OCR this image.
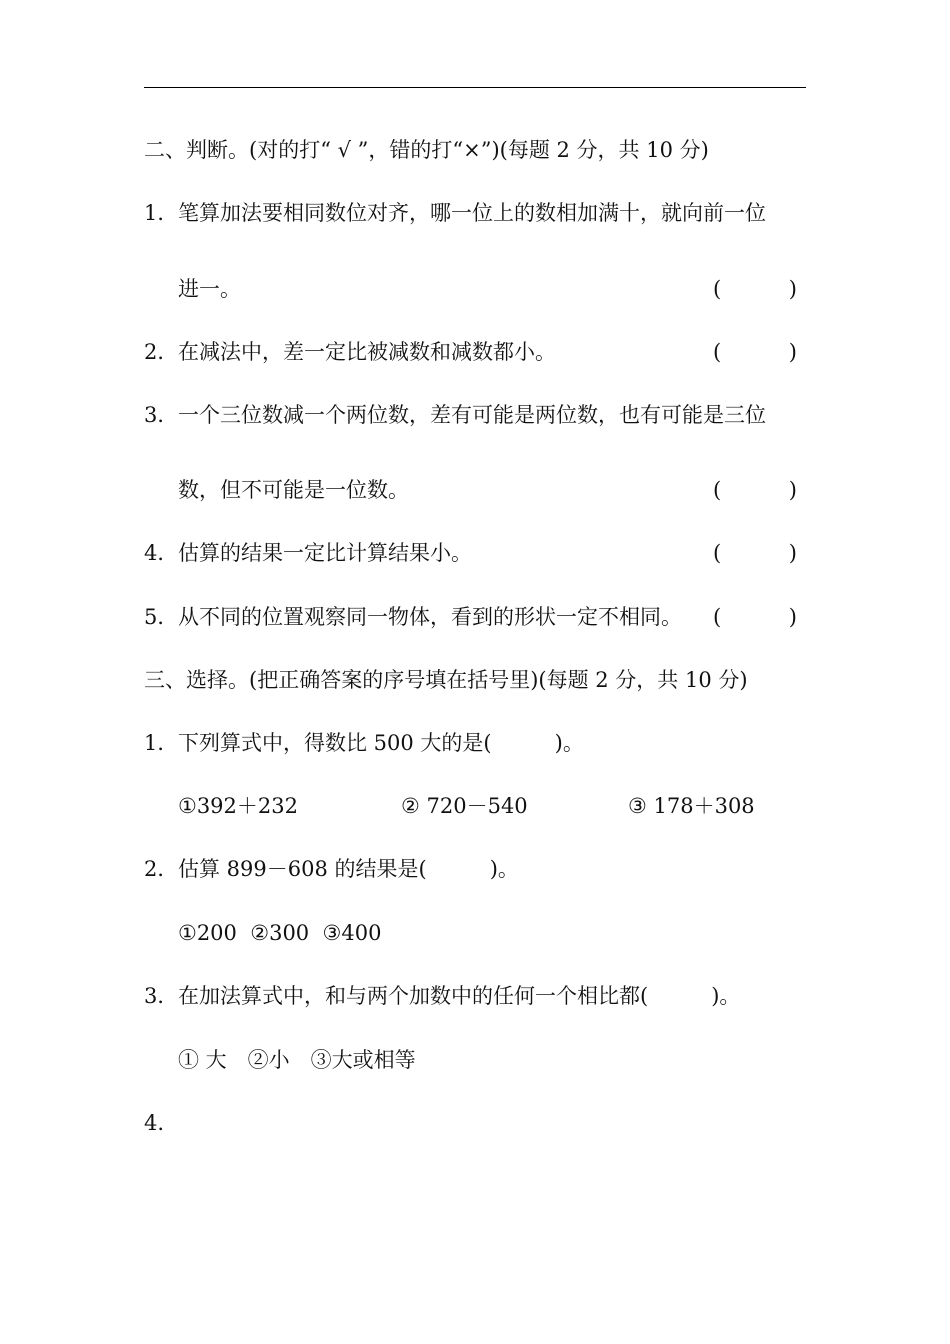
二、判断。(对的打“ √ ”，错的打“×”)(每题 2 分，共 10 分)
1．笔算加法要相同数位对齐，哪一位上的数相加满十，就向前一位
进一。	(	)
2．在减法中，差一定比被减数和减数都小。	(	)
3．一个三位数减一个两位数，差有可能是两位数，也有可能是三位
数，但不可能是一位数。	(	)
4．估算的结果一定比计算结果小。	(	)
5．从不同的位置观察同一物体，看到的形状一定不相同。 (	)
三、选择。(把正确答案的序号填在括号里)(每题 2 分，共 10 分)
1．下列算式中，得数比 500 大的是(　　　)。
①392＋232	② 720－540	③ 178＋308
2．估算 899－608 的结果是(　　　)。
①200  ②300  ③400
3．在加法算式中，和与两个加数中的任何一个相比都(　　　)。
① 大　②小　③大或相等
4.
